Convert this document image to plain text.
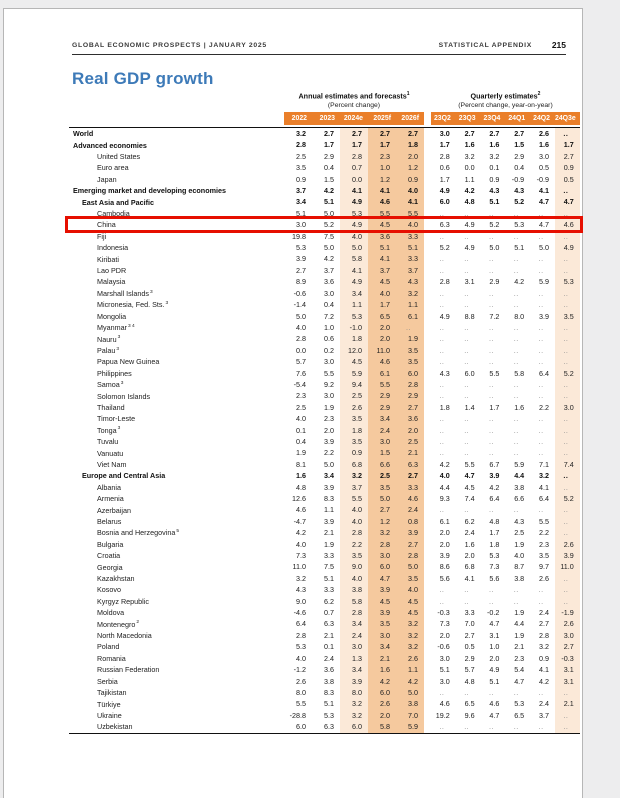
GLOBAL ECONOMIC PROSPECTS | JANUARY 2025	STATISTICAL APPENDIX 215
Real GDP growth
Annual estimates and forecasts$^1$
(Percent change)
Quarterly estimates$^2$
(Percent change, year-on-year)
2022	2023	2024e	2025f	2026f	23Q2	23Q3	23Q4	24Q1	24Q2 24Q3e
World	3.2	2.7	2.7	2.7	2.7	3.0	2.7	2.7	2.7	2.6	..
Advanced economies	2.8	1.7	1.7	1.7	1.8	1.7	1.6	1.6	1.5	1.6	1.7
United States	2.5	2.9	2.8	2.3	2.0	2.8	3.2	3.2	2.9	3.0	2.7
Euro area	3.5	0.4	0.7	1.0	1.2	0.6	0.0	0.1	0.4	0.5	0.9
Japan	0.9	1.5	0.0	1.2	0.9	1.7	1.1	0.9	-0.9	-0.9	0.5
Emerging market and developing economies	3.7	4.2	4.1	4.1	4.0	4.9	4.2	4.3	4.3	4.1	..
East Asia and Pacific	3.4	5.1	4.9	4.6	4.1	6.0	4.8	5.1	5.2	4.7	4.7
Cambodia	5.1	5.0	5.3	5.5	5.5	..	..	..	..	..	..
China	3.0	5.2	4.9	4.5	4.0	6.3	4.9	5.2	5.3	4.7	4.6
Fiji	19.8	7.5	4.0	3.6	3.3	..	..	..	..	..	..
Indonesia	5.3	5.0	5.0	5.1	5.1	5.2	4.9	5.0	5.1	5.0	4.9
Kiribati	3.9	4.2	5.8	4.1	3.3	..	..	..	..	..	..
Lao PDR	2.7	3.7	4.1	3.7	3.7	..	..	..	..	..	..
Malaysia	8.9	3.6	4.9	4.5	4.3	2.8	3.1	2.9	4.2	5.9	5.3
Marshall Islands$^3$	-0.6	3.0	3.4	4.0	3.2	..	..	..	..	..	..
Micronesia, Fed. Sts.$^3$	-1.4	0.4	1.1	1.7	1.1	..	..	..	..	..	..
Mongolia	5.0	7.2	5.3	6.5	6.1	4.9	8.8	7.2	8.0	3.9	3.5
Myanmar$^{3 4}$	4.0	1.0	-1.0	2.0	..	..	..	..	..	..	..
Nauru$^3$	2.8	0.6	1.8	2.0	1.9	..	..	..	..	..	..
Palau$^3$	0.0	0.2	12.0	11.0	3.5	..	..	..	..	..	..
Papua New Guinea	5.7	3.0	4.5	4.6	3.5	..	..	..	..	..	..
Philippines	7.6	5.5	5.9	6.1	6.0	4.3	6.0	5.5	5.8	6.4	5.2
Samoa$^3$	-5.4	9.2	9.4	5.5	2.8	..	..	..	..	..	..
Solomon Islands	2.3	3.0	2.5	2.9	2.9	..	..	..	..	..	..
Thailand	2.5	1.9	2.6	2.9	2.7	1.8	1.4	1.7	1.6	2.2	3.0
Timor-Leste	4.0	2.3	3.5	3.4	3.6	..	..	..	..	..	..
Tonga$^3$	0.1	2.0	1.8	2.4	2.0	..	..	..	..	..	..
Tuvalu	0.4	3.9	3.5	3.0	2.5	..	..	..	..	..	..
Vanuatu	1.9	2.2	0.9	1.5	2.1	..	..	..	..	..	..
Viet Nam	8.1	5.0	6.8	6.6	6.3	4.2	5.5	6.7	5.9	7.1	7.4
Europe and Central Asia	1.6	3.4	3.2	2.5	2.7	4.0	4.7	3.9	4.4	3.2	..
Albania	4.8	3.9	3.7	3.5	3.3	4.4	4.5	4.2	3.8	4.1	..
Armenia	12.6	8.3	5.5	5.0	4.6	9.3	7.4	6.4	6.6	6.4	5.2
Azerbaijan	4.6	1.1	4.0	2.7	2.4	..	..	..	..	..	..
Belarus	-4.7	3.9	4.0	1.2	0.8	6.1	6.2	4.8	4.3	5.5	..
Bosnia and Herzegovina$^5$	4.2	2.1	2.8	3.2	3.9	2.0	2.4	1.7	2.5	2.2	..
Bulgaria	4.0	1.9	2.2	2.8	2.7	2.0	1.6	1.8	1.9	2.3	2.6
Croatia	7.3	3.3	3.5	3.0	2.8	3.9	2.0	5.3	4.0	3.5	3.9
Georgia	11.0	7.5	9.0	6.0	5.0	8.6	6.8	7.3	8.7	9.7	11.0
Kazakhstan	3.2	5.1	4.0	4.7	3.5	5.6	4.1	5.6	3.8	2.6	..
Kosovo	4.3	3.3	3.8	3.9	4.0	..	..	..	..	..	..
Kyrgyz Republic	9.0	6.2	5.8	4.5	4.5	..	..	..	..	..	..
Moldova	-4.6	0.7	2.8	3.9	4.5	-0.3	3.3	-0.2	1.9	2.4	-1.9
Montenegro$^2$	6.4	6.3	3.4	3.5	3.2	7.3	7.0	4.7	4.4	2.7	2.6
North Macedonia	2.8	2.1	2.4	3.0	3.2	2.0	2.7	3.1	1.9	2.8	3.0
Poland	5.3	0.1	3.0	3.4	3.2	-0.6	0.5	1.0	2.1	3.2	2.7
Romania	4.0	2.4	1.3	2.1	2.6	3.0	2.9	2.0	2.3	0.9	-0.3
Russian Federation	-1.2	3.6	3.4	1.6	1.1	5.1	5.7	4.9	5.4	4.1	3.1
Serbia	2.6	3.8	3.9	4.2	4.2	3.0	4.8	5.1	4.7	4.2	3.1
Tajikistan	8.0	8.3	8.0	6.0	5.0	..	..	..	..	..	..
Türkiye	5.5	5.1	3.2	2.6	3.8	4.6	6.5	4.6	5.3	2.4	2.1
Ukraine	-28.8	5.3	3.2	2.0	7.0	19.2	9.6	4.7	6.5	3.7	..
Uzbekistan	6.0	6.3	6.0	5.8	5.9	..	..	..	..	..	..
